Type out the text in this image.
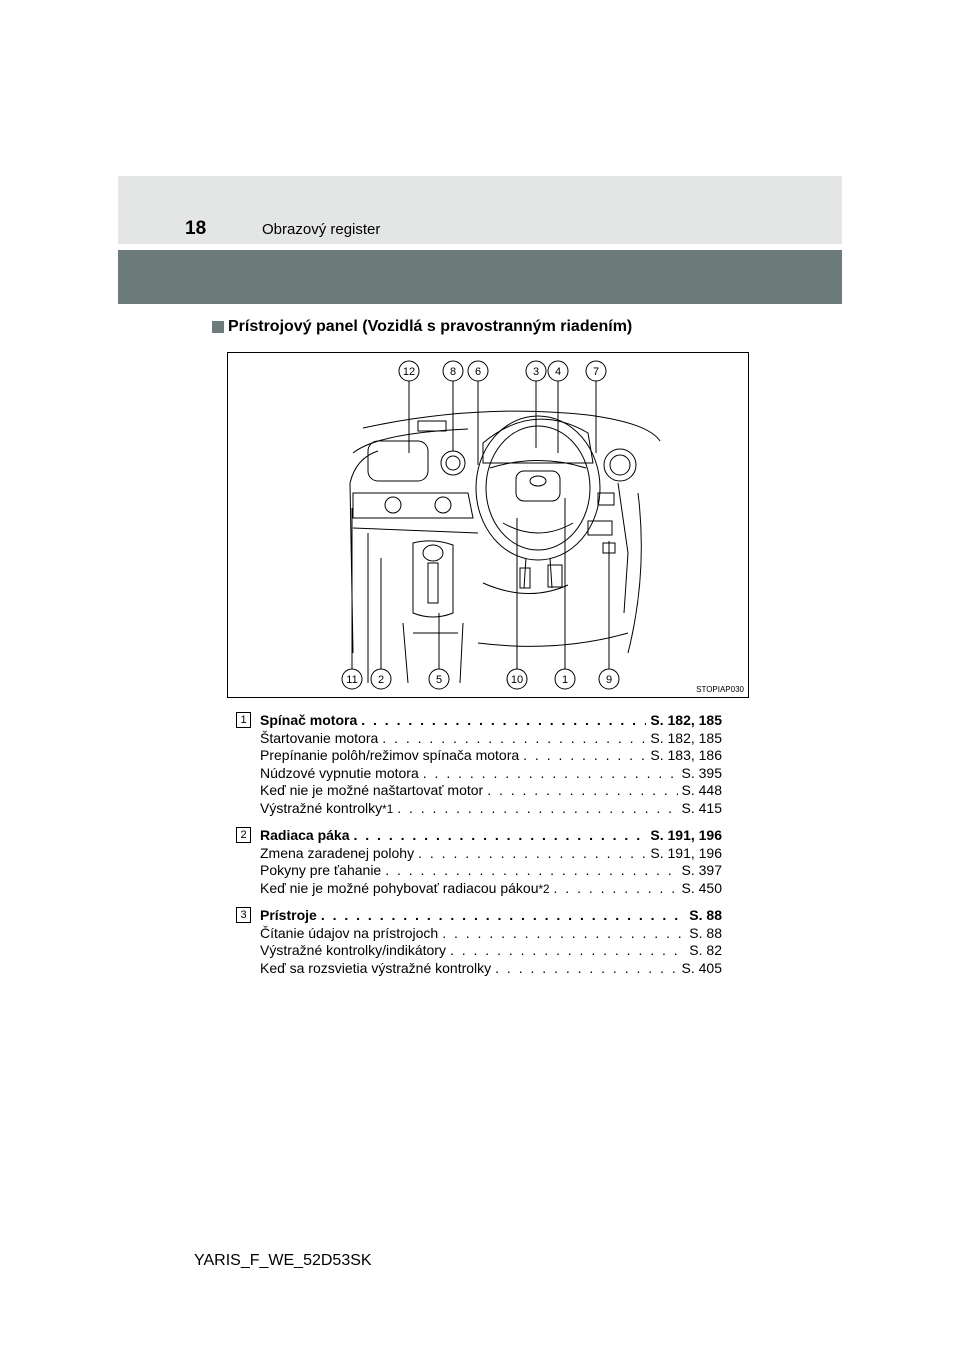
18	Obrazový register
Prístrojový panel (Vozidlá s pravostranným riadením)
12	8 6	3 4	7
11 2	5	10	1	9
STOPIAP030
1 Spínač motora . . .	S. 182, 185
Štartovanie motora . . .	S. 182, 185
Prepínanie polôh/režimov spínača motora . . .	S. 183, 186
Núdzové vypnutie motora . . .	S. 395
Keď nie je možné naštartovať motor . . .	S. 448
Výstražné kontrolky *1 . . .	S. 415
2 Radiaca páka . . .	S. 191, 196
Zmena zaradenej polohy . . .	S. 191, 196
Pokyny pre ťahanie . . .	S. 397
Keď nie je možné pohybovať radiacou pákou *2 . . .	S. 450
3 Prístroje . . .	S. 88
Čítanie údajov na prístrojoch . . .	S. 88
Výstražné kontrolky/indikátory . . .	S. 82
Keď sa rozsvietia výstražné kontrolky . . .	S. 405
YARIS_F_WE_52D53SK
